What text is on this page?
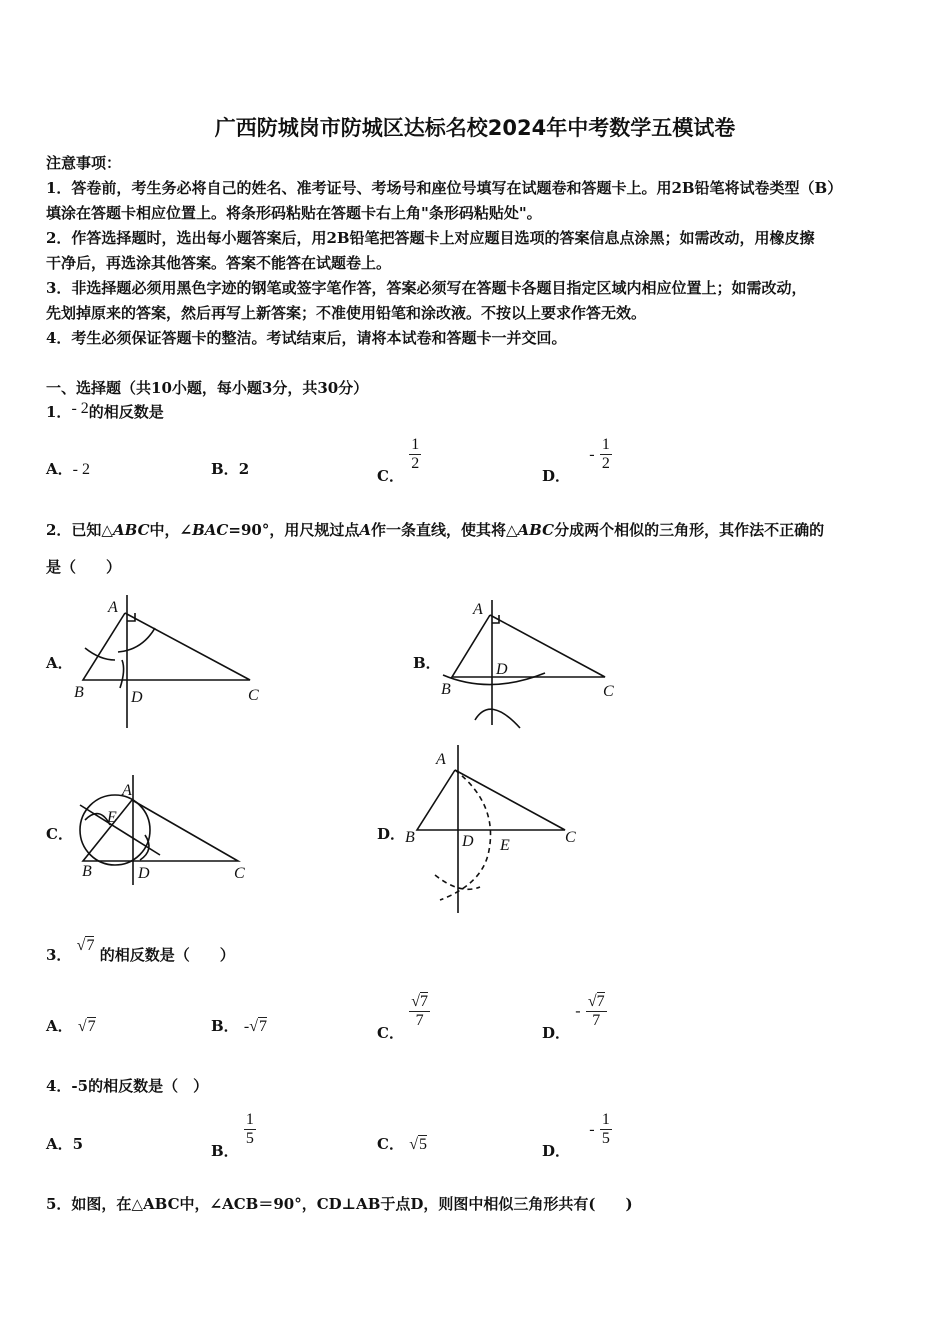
广西防城岗市防城区达标名校2024年中考数学五模试卷
注意事项：
1．答卷前，考生务必将自己的姓名、准考证号、考场号和座位号填写在试题卷和答题卡上。用2B铅笔将试卷类型（B）
填涂在答题卡相应位置上。将条形码粘贴在答题卡右上角"条形码粘贴处"。
2．作答选择题时，选出每小题答案后，用2B铅笔把答题卡上对应题目选项的答案信息点涂黑；如需改动，用橡皮擦
干净后，再选涂其他答案。答案不能答在试题卷上。
3．非选择题必须用黑色字迹的钢笔或签字笔作答，答案必须写在答题卡各题目指定区域内相应位置上；如需改动，
先划掉原来的答案，然后再写上新答案；不准使用铅笔和涂改液。不按以上要求作答无效。
4．考生必须保证答题卡的整洁。考试结束后，请将本试卷和答题卡一并交回。
一、选择题（共10小题，每小题3分，共30分）
1．- 2的相反数是
A．- 2	B．2	C．
$\frac{1}{2}$
D． - $\frac{1}{2}$
2．已知△ABC中，∠BAC=90°，用尺规过点A作一条直线，使其将△ABC分成两个相似的三角形，其作法不正确的
是（　　）
A．	B．
C．	D．
A
B	D	C
A
B
D
C
A
E
B	D	C
A
B	D E	C
3． √7 的相反数是（　　）
A． √7	B． -√7	C．
$\frac{√7}{7}$
D． - $\frac{√7}{7}$
4．-5的相反数是（　）
A．5	B．
$\frac{1}{5}$	C． √5	D． - $\frac{1}{5}$
5．如图，在△ABC中，∠ACB＝90°，CD⊥AB于点D，则图中相似三角形共有(　　)
